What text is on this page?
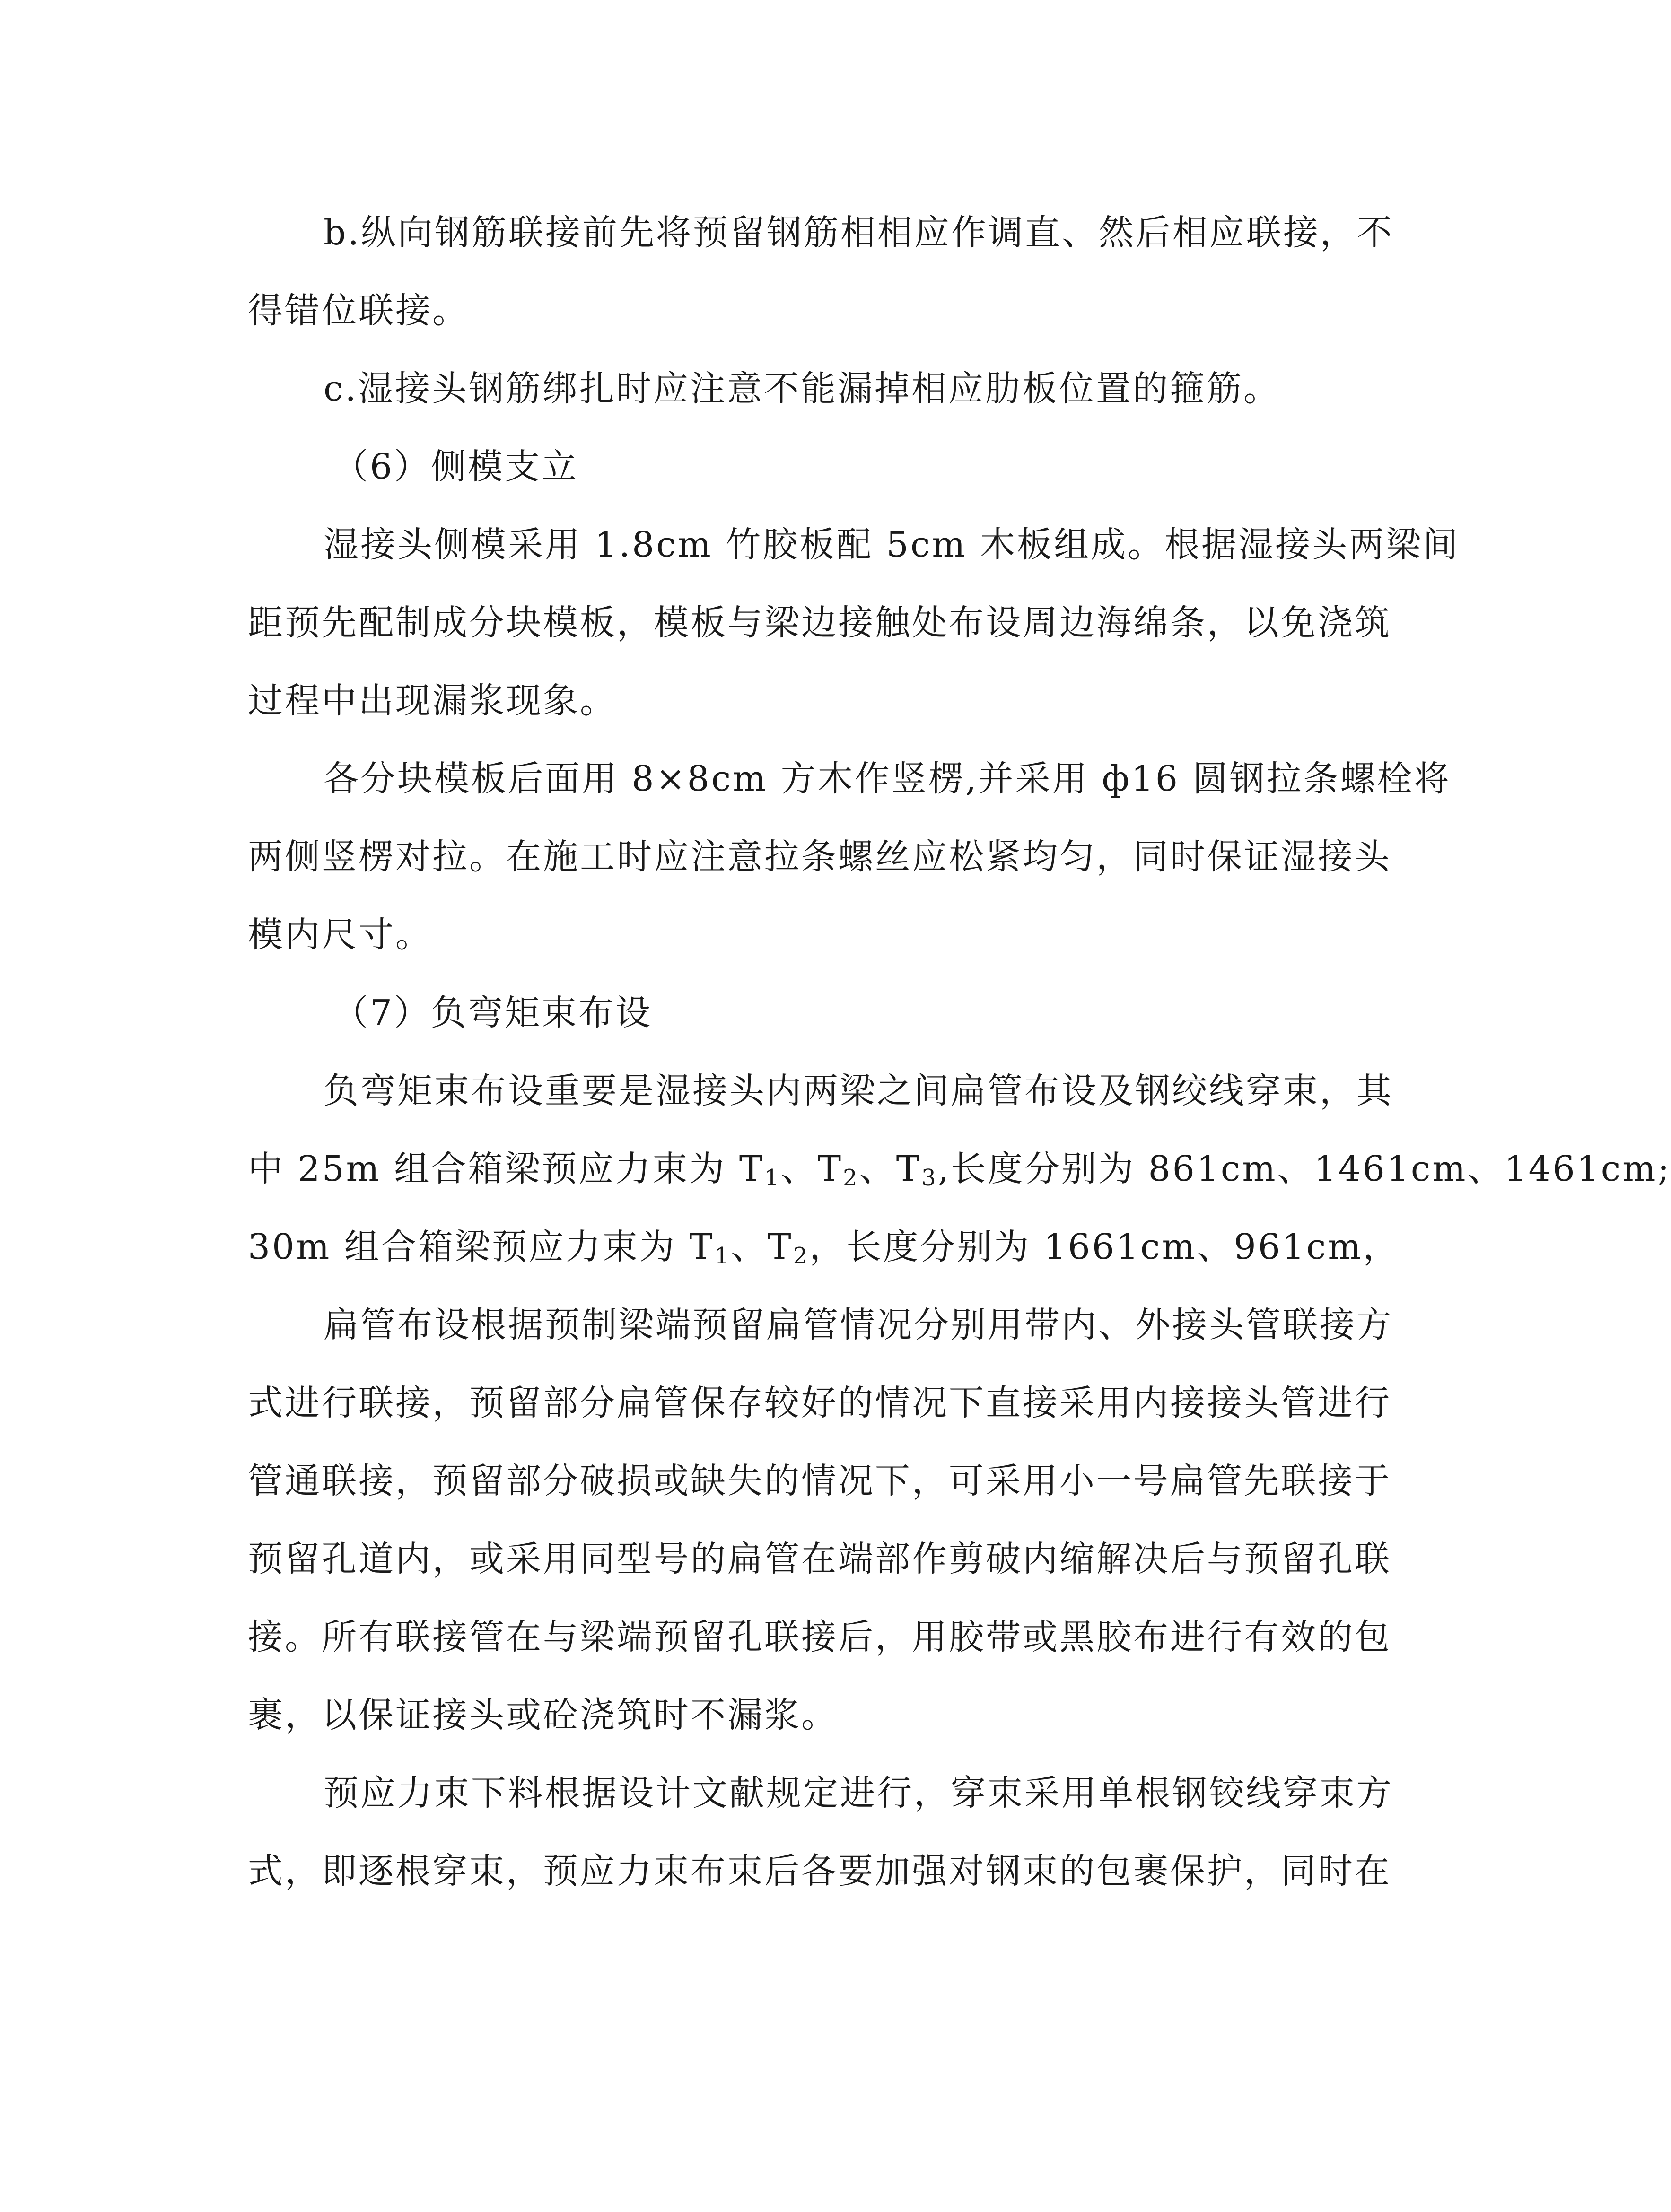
b.纵向钢筋联接前先将预留钢筋相相应作调直、然后相应联接，不
得错位联接。

c.湿接头钢筋绑扎时应注意不能漏掉相应肋板位置的箍筋。

（6）侧模支立

湿接头侧模采用 1.8cm 竹胶板配 5cm 木板组成。根据湿接头两梁间
距预先配制成分块模板，模板与梁边接触处布设周边海绵条，以免浇筑
过程中出现漏浆现象。

各分块模板后面用 8×8cm 方木作竖楞,并采用 ф16 圆钢拉条螺栓将
两侧竖楞对拉。在施工时应注意拉条螺丝应松紧均匀，同时保证湿接头
模内尺寸。

（7）负弯矩束布设

负弯矩束布设重要是湿接头内两梁之间扁管布设及钢绞线穿束，其
中 25m 组合箱梁预应力束为 $T_1$、$T_2$、$T_3$,长度分别为 861cm、1461cm、1461cm;
30m 组合箱梁预应力束为 $T_1$、$T_2$，长度分别为 1661cm、961cm，

扁管布设根据预制梁端预留扁管情况分别用带内、外接头管联接方
式进行联接，预留部分扁管保存较好的情况下直接采用内接接头管进行
管通联接，预留部分破损或缺失的情况下，可采用小一号扁管先联接于
预留孔道内，或采用同型号的扁管在端部作剪破内缩解决后与预留孔联
接。所有联接管在与梁端预留孔联接后，用胶带或黑胶布进行有效的包
裹，以保证接头或砼浇筑时不漏浆。

预应力束下料根据设计文献规定进行，穿束采用单根钢铰线穿束方
式，即逐根穿束，预应力束布束后各要加强对钢束的包裹保护，同时在
